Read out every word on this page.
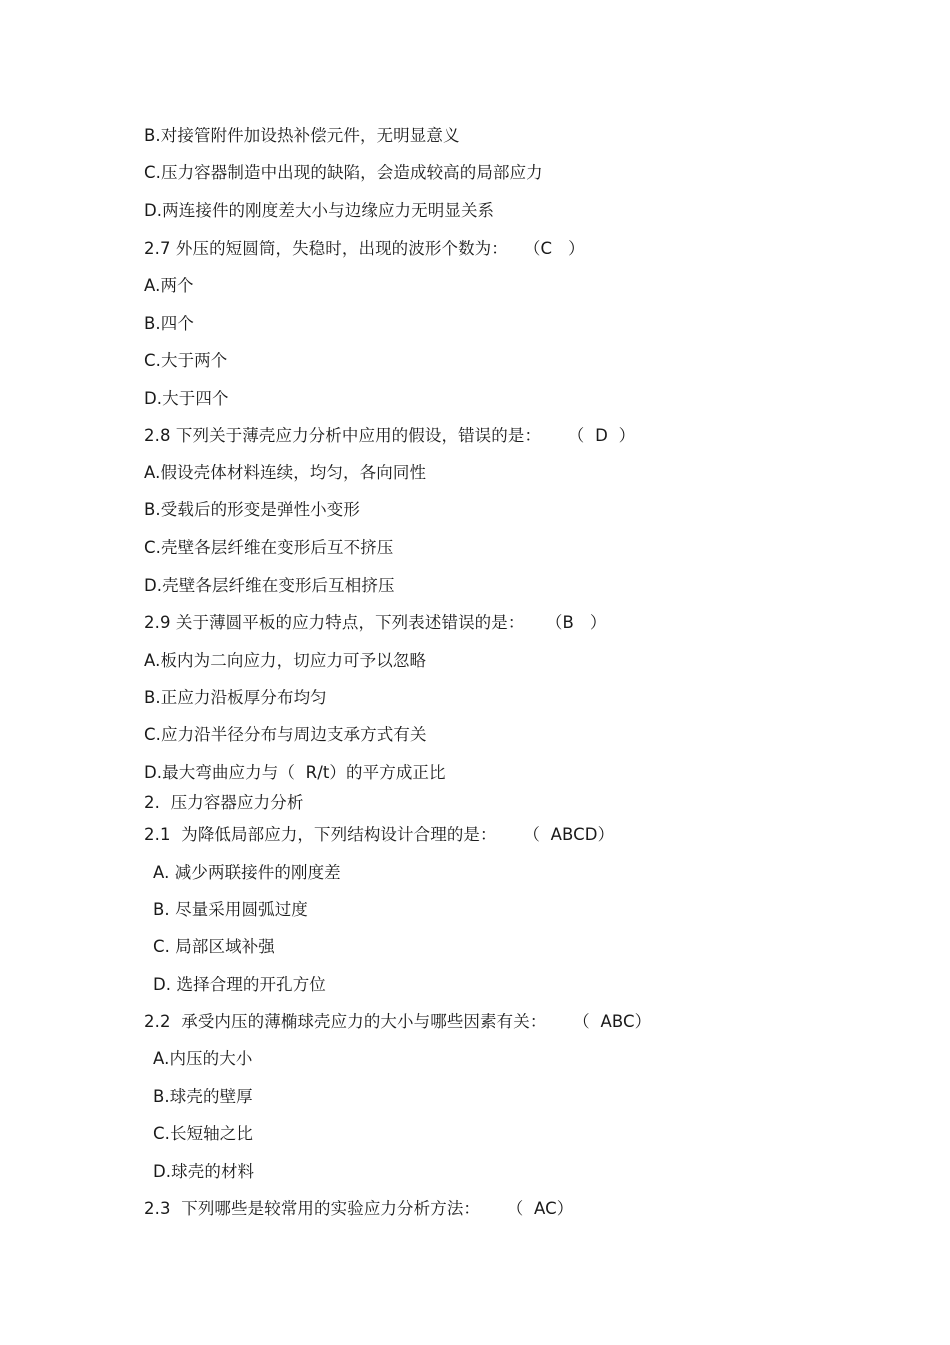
B.对接管附件加设热补偿元件，无明显意义
C.压力容器制造中出现的缺陷，会造成较高的局部应力
D.两连接件的刚度差大小与边缘应力无明显关系
2.7 外压的短圆筒，失稳时，出现的波形个数为：   （C   ）
A.两个
B.四个
C.大于两个
D.大于四个
2.8 下列关于薄壳应力分析中应用的假设，错误的是：     （  D  ）
A.假设壳体材料连续，均匀，各向同性
B.受载后的形变是弹性小变形
C.壳壁各层纤维在变形后互不挤压
D.壳壁各层纤维在变形后互相挤压
2.9 关于薄圆平板的应力特点，下列表述错误的是：    （B   ）
A.板内为二向应力，切应力可予以忽略
B.正应力沿板厚分布均匀
C.应力沿半径分布与周边支承方式有关
D.最大弯曲应力与（  R/t）的平方成正比
2.  压力容器应力分析
2.1  为降低局部应力，下列结构设计合理的是：     （  ABCD）
A. 减少两联接件的刚度差
B. 尽量采用圆弧过度
C. 局部区域补强
D. 选择合理的开孔方位
2.2  承受内压的薄椭球壳应力的大小与哪些因素有关：     （  ABC）
A.内压的大小
B.球壳的壁厚
C.长短轴之比
D.球壳的材料
2.3  下列哪些是较常用的实验应力分析方法：     （  AC）
